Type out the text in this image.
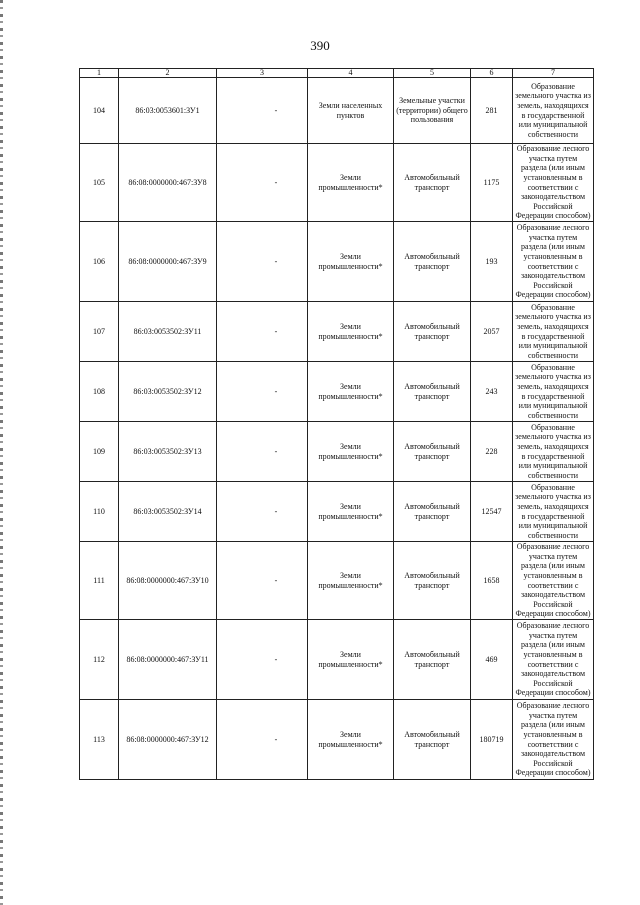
390
1	2	3	4	5	6	7
104	86:03:0053601:ЗУ1	-	Земли населенных пунктов	Земельные участки (территории) общего пользования	281	Образование земельного участка из земель, находящихся в государственной или муниципальной собственности
105	86:08:0000000:467:ЗУ8	-	Земли промышленности*	Автомобильный транспорт	1175	Образование лесного участка путем раздела (или иным установленным в соответствии с законодательством Российской Федерации способом)
106	86:08:0000000:467:ЗУ9	-	Земли промышленности*	Автомобильный транспорт	193	Образование лесного участка путем раздела (или иным установленным в соответствии с законодательством Российской Федерации способом)
107	86:03:0053502:ЗУ11	-	Земли промышленности*	Автомобильный транспорт	2057	Образование земельного участка из земель, находящихся в государственной или муниципальной собственности
108	86:03:0053502:ЗУ12	-	Земли промышленности*	Автомобильный транспорт	243	Образование земельного участка из земель, находящихся в государственной или муниципальной собственности
109	86:03:0053502:ЗУ13	-	Земли промышленности*	Автомобильный транспорт	228	Образование земельного участка из земель, находящихся в государственной или муниципальной собственности
110	86:03:0053502:ЗУ14	-	Земли промышленности*	Автомобильный транспорт	12547	Образование земельного участка из земель, находящихся в государственной или муниципальной собственности
111	86:08:0000000:467:ЗУ10	-	Земли промышленности*	Автомобильный транспорт	1658	Образование лесного участка путем раздела (или иным установленным в соответствии с законодательством Российской Федерации способом)
112	86:08:0000000:467:ЗУ11	-	Земли промышленности*	Автомобильный транспорт	469	Образование лесного участка путем раздела (или иным установленным в соответствии с законодательством Российской Федерации способом)
113	86:08:0000000:467:ЗУ12	-	Земли промышленности*	Автомобильный транспорт	180719	Образование лесного участка путем раздела (или иным установленным в соответствии с законодательством Российской Федерации способом)
